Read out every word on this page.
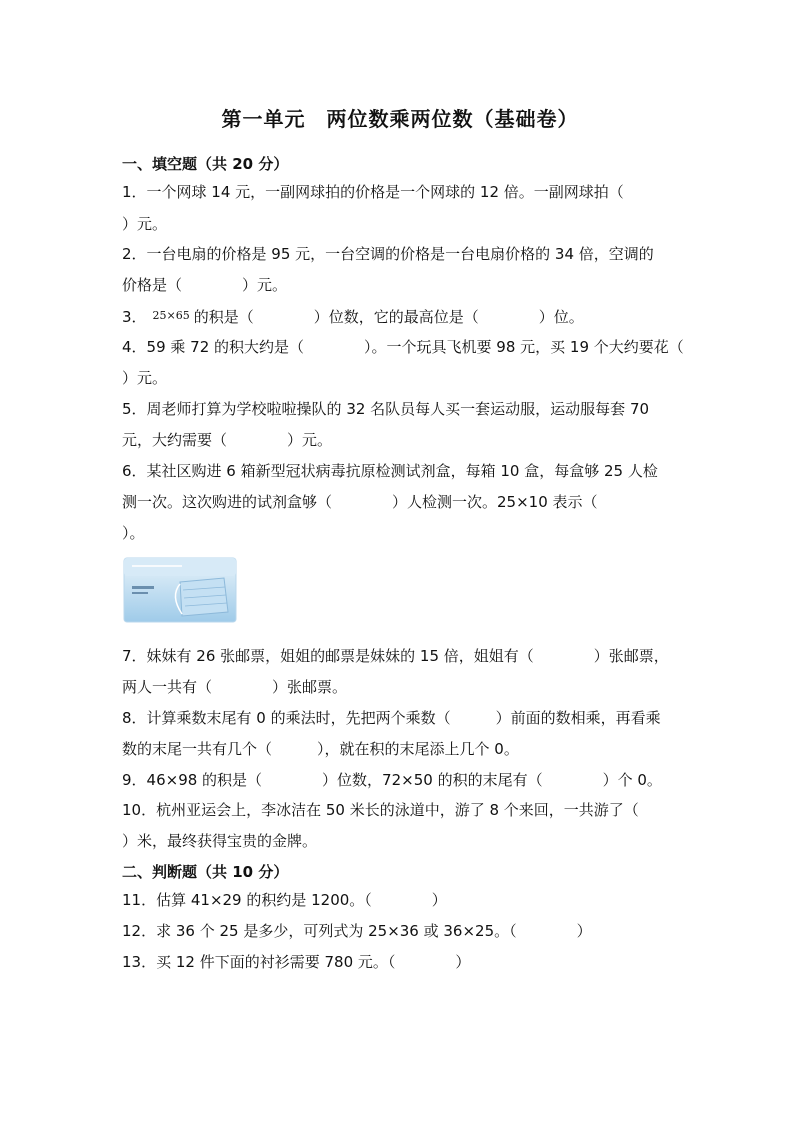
第一单元　两位数乘两位数（基础卷）
一、填空题（共 20 分）
1．一个网球 14 元，一副网球拍的价格是一个网球的 12 倍。一副网球拍（
）元。
2．一台电扇的价格是 95 元，一台空调的价格是一台电扇价格的 34 倍，空调的
价格是（　　　　）元。
3． 25×65 的积是（　　　　）位数，它的最高位是（　　　　）位。
4．59 乘 72 的积大约是（　　　　）。一个玩具飞机要 98 元，买 19 个大约要花（
）元。
5．周老师打算为学校啦啦操队的 32 名队员每人买一套运动服，运动服每套 70
元，大约需要（　　　　）元。
6．某社区购进 6 箱新型冠状病毒抗原检测试剂盒，每箱 10 盒，每盒够 25 人检
测一次。这次购进的试剂盒够（　　　　）人检测一次。25×10 表示（
）。
7．妹妹有 26 张邮票，姐姐的邮票是妹妹的 15 倍，姐姐有（　　　　）张邮票，
两人一共有（　　　　）张邮票。
8．计算乘数末尾有 0 的乘法时，先把两个乘数（　　　）前面的数相乘，再看乘
数的末尾一共有几个（　　　），就在积的末尾添上几个 0。
9．46×98 的积是（　　　　）位数，72×50 的积的末尾有（　　　　）个 0。
10．杭州亚运会上，李冰洁在 50 米长的泳道中，游了 8 个来回，一共游了（
）米，最终获得宝贵的金牌。
二、判断题（共 10 分）
11．估算 41×29 的积约是 1200。（　　　　）
12．求 36 个 25 是多少，可列式为 25×36 或 36×25。（　　　　）
13．买 12 件下面的衬衫需要 780 元。（　　　　）
